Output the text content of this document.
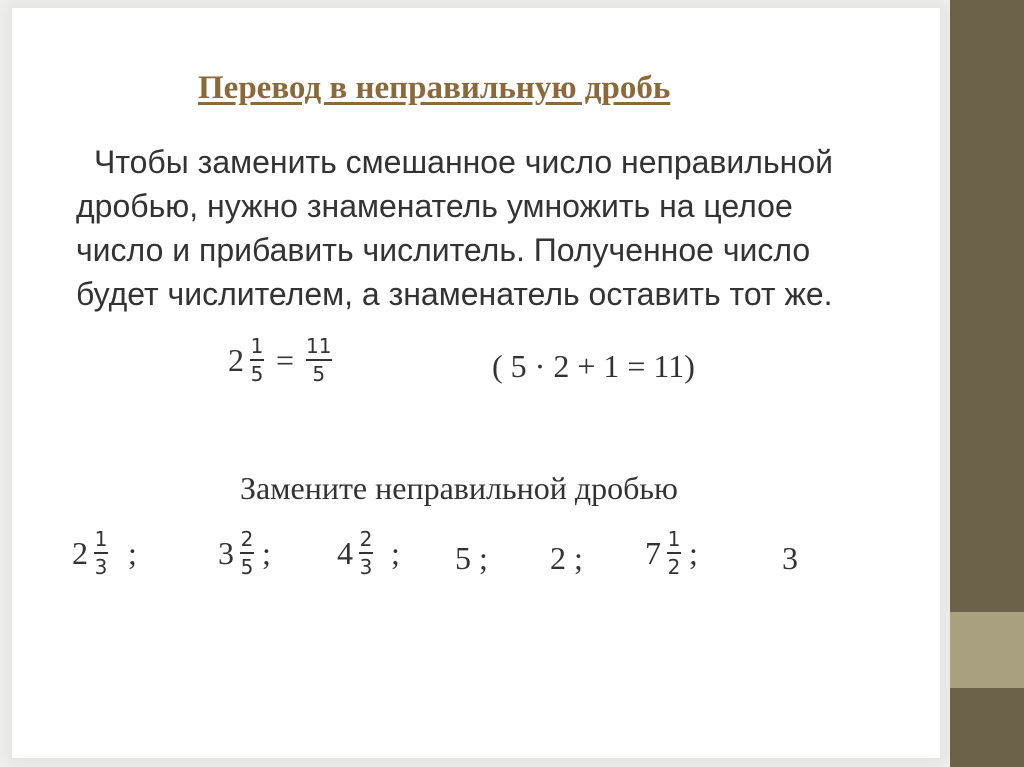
Перевод в неправильную дробь
Чтобы заменить смешанное число неправильной
дробью, нужно знаменатель умножить на целое
число и прибавить числитель. Полученное число
будет числителем, а знаменатель оставить тот же.
$2 \frac{1}{5} = \frac{11}{5}$	( 5 · 2 + 1 = 11)
Замените неправильной дробью
$2 \frac{1}{3}$ ;	$3 \frac{2}{5}$ ; $4 \frac{2}{3}$ ; 5 ; 2 ; $7 \frac{1}{2}$ ;	3
